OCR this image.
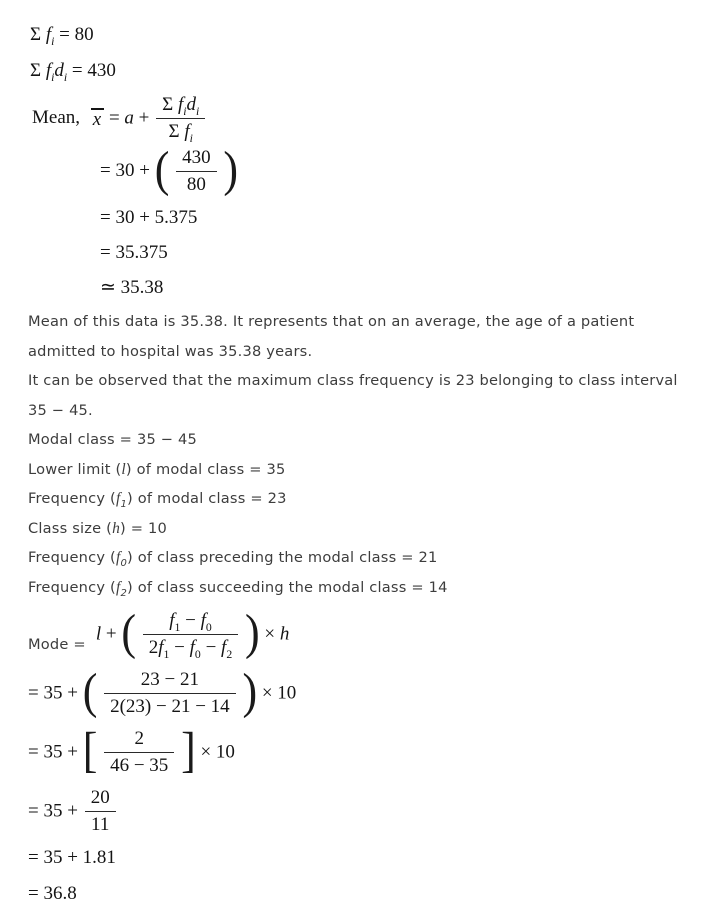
Σ $f_i = 80$
Σ $f_id_i = 430$
Mean, $x = a + \frac{\Sigma f_id_i}{\Sigma f_i}$
= 30 + ( $\frac{430}{80}$ )
= 30 + 5.375
= 35.375
≃ 35.38

Mean of this data is 35.38. It represents that on an average, the age of a patient admitted to hospital was 35.38 years.

It can be observed that the maximum class frequency is 23 belonging to class interval 35 − 45.

Modal class = 35 − 45

Lower limit (l) of modal class = 35

Frequency $(f_1)$ of modal class = 23

Class size (h) = 10

Frequency $(f_0)$ of class preceding the modal class = 21

Frequency $(f_2)$ of class succeeding the modal class = 14

Mode = l + ( $\frac{f_1 - f_0}{2f_1 - f_0 - f_2}$ ) × h
= 35 + ( $\frac{23 - 21}{2(23) - 21 - 14}$ ) × 10
= 35 + [ $\frac{2}{46 - 35}$ ] × 10
= $35 + \frac{20}{11}$
= 35 + 1.81
= 36.8
